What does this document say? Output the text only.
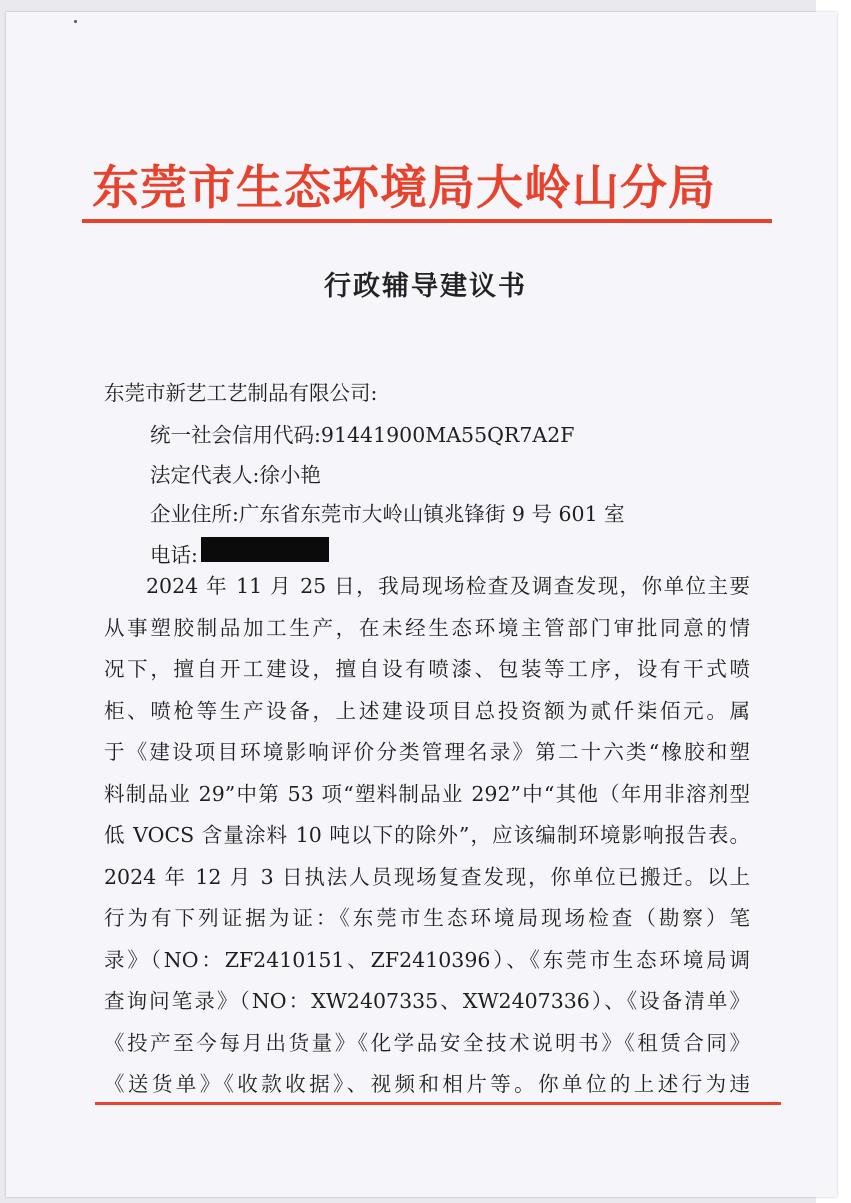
东莞市生态环境局大岭山分局
行政辅导建议书
东莞市新艺工艺制品有限公司:
统一社会信用代码:91441900MA55QR7A2F
法定代表人:徐小艳
企业住所:广东省东莞市大岭山镇兆锋街 9 号 601 室
电话:
2024 年 11 月 25 日，我局现场检查及调查发现，你单位主要
从事塑胶制品加工生产，在未经生态环境主管部门审批同意的情
况下，擅自开工建设，擅自设有喷漆、包装等工序，设有干式喷
柜、喷枪等生产设备，上述建设项目总投资额为贰仟柒佰元。属
于《建设项目环境影响评价分类管理名录》第二十六类“橡胶和塑
料制品业 29”中第 53 项“塑料制品业 292”中“其他（年用非溶剂型
低 VOCS 含量涂料 10 吨以下的除外”，应该编制环境影响报告表。
2024 年 12 月 3 日执法人员现场复查发现，你单位已搬迁。以上
行为有下列证据为证：《东莞市生态环境局现场检查（勘察）笔
录》（NO：ZF2410151、ZF2410396）、《东莞市生态环境局调
查询问笔录》（NO：XW2407335、XW2407336）、《设备清单》
《投产至今每月出货量》《化学品安全技术说明书》《租赁合同》
《送货单》《收款收据》、视频和相片等。你单位的上述行为违
